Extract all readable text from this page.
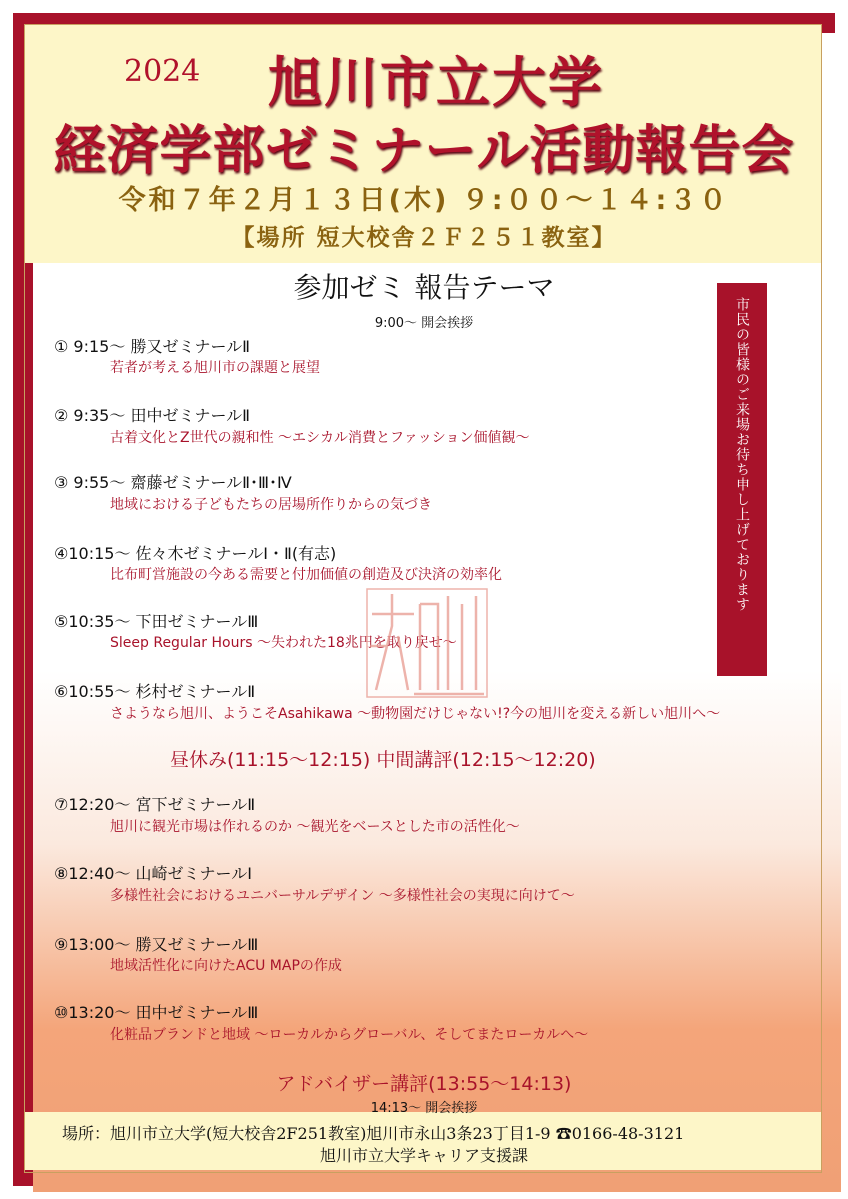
2024 旭川市立大学
経済学部ゼミナール活動報告会
令和７年２月１３日(木) ９:００～１４:３０
【場所 短大校舎２Ｆ２５１教室】
参加ゼミ 報告テーマ
9:00～ 開会挨拶
① 9:15～ 勝又ゼミナールⅡ
若者が考える旭川市の課題と展望
② 9:35～ 田中ゼミナールⅡ
古着文化とZ世代の親和性 ～エシカル消費とファッション価値観～
③ 9:55～ 齋藤ゼミナールⅡ･Ⅲ･Ⅳ
地域における子どもたちの居場所作りからの気づき
④10:15～ 佐々木ゼミナールⅠ・Ⅱ(有志)
比布町営施設の今ある需要と付加価値の創造及び決済の効率化
⑤10:35～ 下田ゼミナールⅢ
Sleep Regular Hours ～失われた18兆円を取り戻せ～
⑥10:55～ 杉村ゼミナールⅡ
さようなら旭川、ようこそAsahikawa ～動物園だけじゃない!?今の旭川を変える新しい旭川へ～
昼休み(11:15～12:15) 中間講評(12:15～12:20)
⑦12:20～ 宮下ゼミナールⅡ
旭川に観光市場は作れるのか ～観光をベースとした市の活性化～
⑧12:40～ 山崎ゼミナールⅠ
多様性社会におけるユニバーサルデザイン ～多様性社会の実現に向けて～
⑨13:00～ 勝又ゼミナールⅢ
地域活性化に向けたACU MAPの作成
⑩13:20～ 田中ゼミナールⅢ
化粧品ブランドと地域 ～ローカルからグローバル、そしてまたローカルへ～
アドバイザー講評(13:55～14:13)
14:13～ 開会挨拶
市民の皆様のご来場お待ち申し上げております
場所：旭川市立大学(短大校舎2F251教室)旭川市永山3条23丁目1-9 ☎0166-48-3121
旭川市立大学キャリア支援課
